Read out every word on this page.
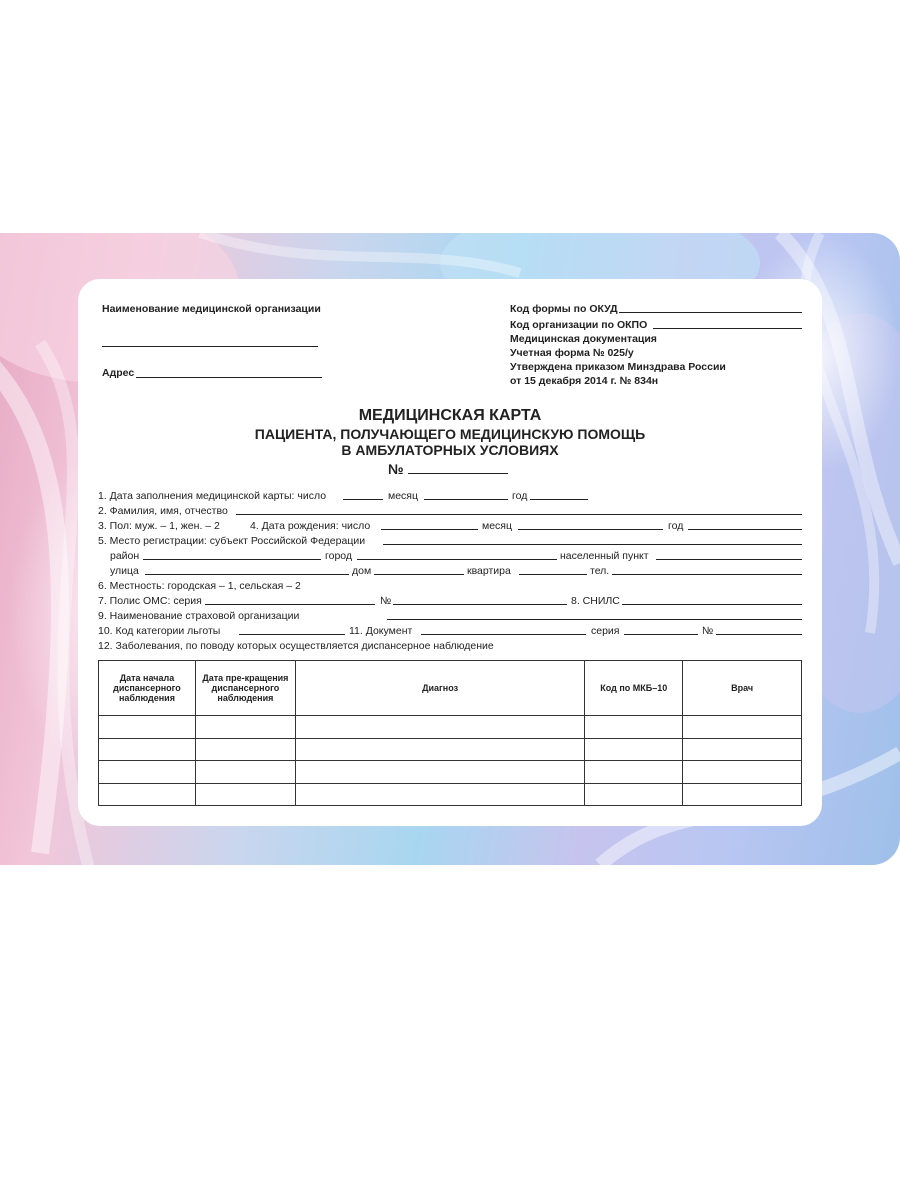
Наименование медицинской организации
Адрес
Код формы по ОКУД
Код организации по ОКПО
Медицинская документация
Учетная форма № 025/у
Утверждена приказом Минздрава России
от 15 декабря 2014 г. № 834н
МЕДИЦИНСКАЯ КАРТА
ПАЦИЕНТА, ПОЛУЧАЮЩЕГО МЕДИЦИНСКУЮ ПОМОЩЬ
В АМБУЛАТОРНЫХ УСЛОВИЯХ
№
1. Дата заполнения медицинской карты: число	месяц	год
2. Фамилия, имя, отчество
3. Пол: муж. – 1, жен. – 2	4. Дата рождения: число	месяц	год
5. Место регистрации: субъект Российской Федерации
район	город	населенный пункт
улица	дом	квартира	тел.
6. Местность: городская – 1, сельская – 2
7. Полис ОМС: серия	№	8. СНИЛС
9. Наименование страховой организации
10. Код категории льготы	11. Документ	серия	№
12. Заболевания, по поводу которых осуществляется диспансерное наблюдение
Дата начала диспансерного наблюдения	Дата пре-кращения диспансерного наблюдения	Диагноз	Код по МКБ–10	Врач
